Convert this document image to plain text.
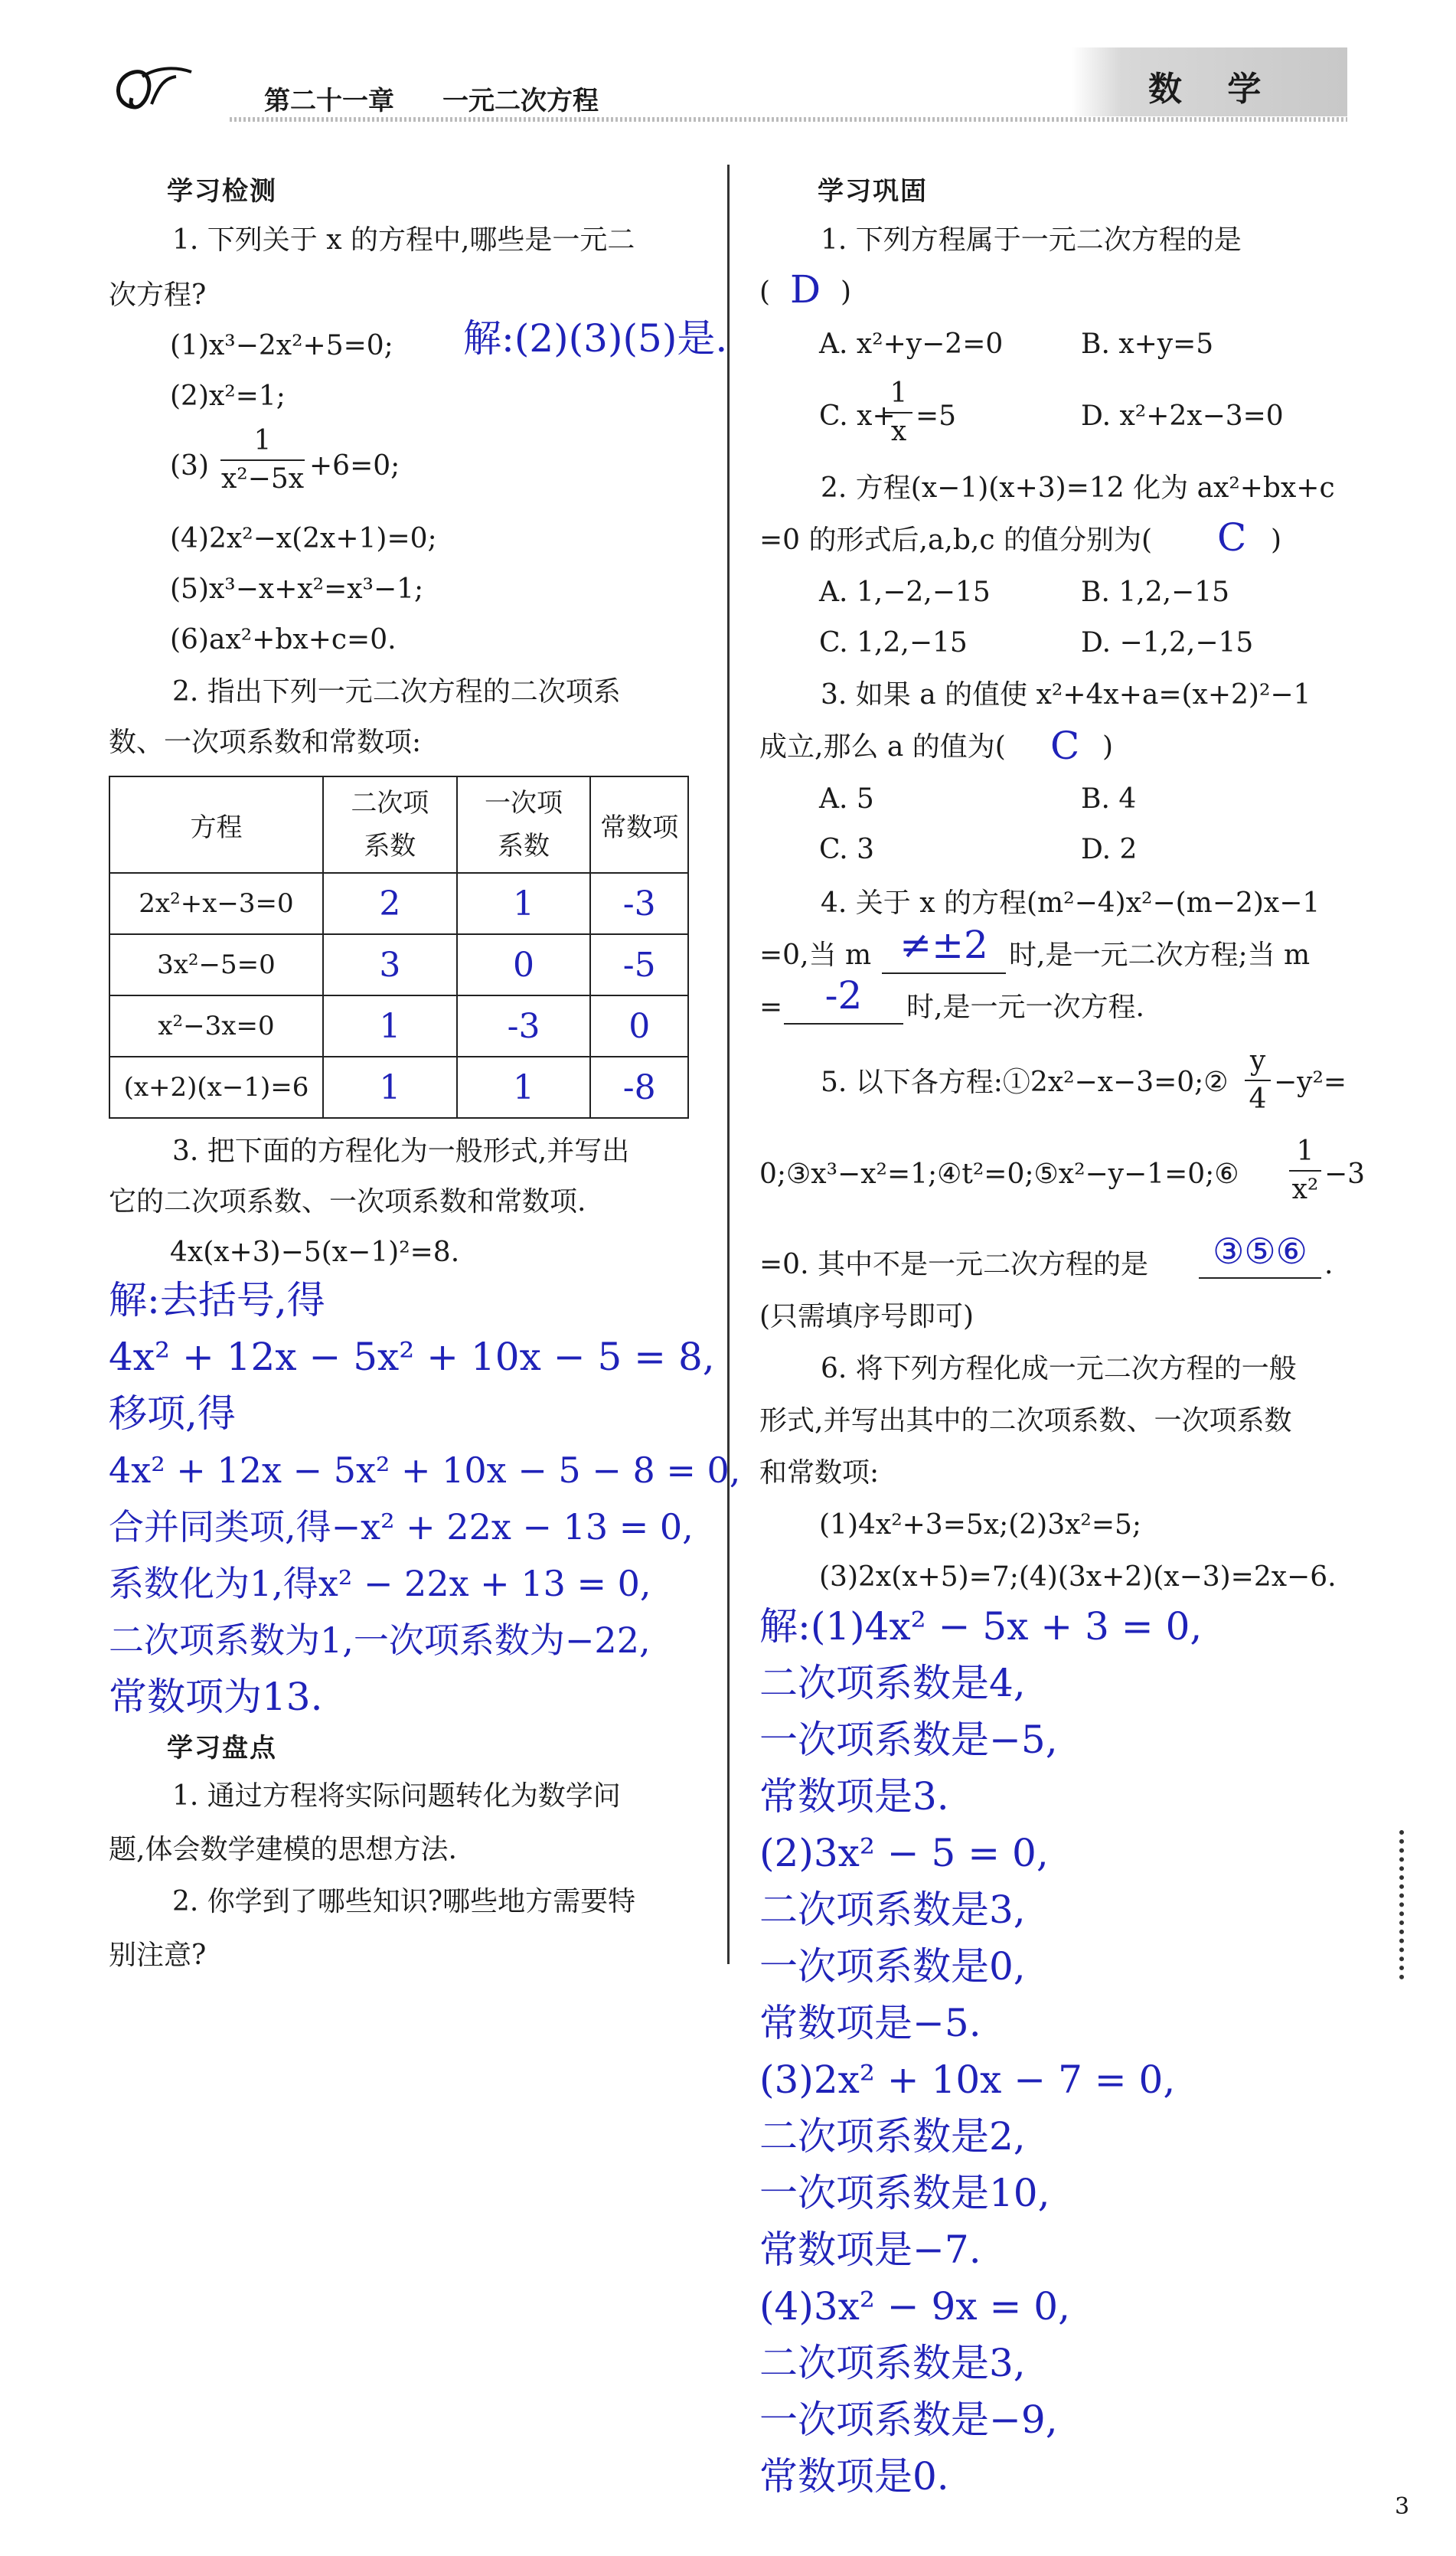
第二十一章 一元二次方程	数 学
学习检测
1. 下列关于 x 的方程中,哪些是一元二
次方程?
(1)x³−2x²+5=0; 解:(2)(3)(5)是.
(2)x²=1;
(3)
1
x²−5x +6=0;
(4)2x²−x(2x+1)=0;
(5)x³−x+x²=x³−1;
(6)ax²+bx+c=0.
2. 指出下列一元二次方程的二次项系
数、一次项系数和常数项:
方程	二次项系数	一次项系数	常数项
2x²+x−3=0	2	1	-3
3x²−5=0	3	0	-5
x²−3x=0	1	-3	0
(x+2)(x−1)=6	1	1	-8
3. 把下面的方程化为一般形式,并写出
它的二次项系数、一次项系数和常数项.
4x(x+3)−5(x−1)²=8.
解:去括号,得
4x² + 12x − 5x² + 10x − 5 = 8,
移项,得
4x² + 12x − 5x² + 10x − 5 − 8 = 0,
合并同类项,得−x² + 22x − 13 = 0,
系数化为1,得x² − 22x + 13 = 0,
二次项系数为1,一次项系数为−22,
常数项为13.
学习盘点
1. 通过方程将实际问题转化为数学问
题,体会数学建模的思想方法.
2. 你学到了哪些知识?哪些地方需要特
别注意?
学习巩固
1. 下列方程属于一元二次方程的是
( D )
A. x²+y−2=0	B. x+y=5
C. x+
1
x =5	D. x²+2x−3=0
2. 方程(x−1)(x+3)=12 化为 ax²+bx+c
=0 的形式后,a,b,c 的值分别为( C )
A. 1,−2,−15	B. 1,2,−15
C. 1,2,−15	D. −1,2,−15
3. 如果 a 的值使 x²+4x+a=(x+2)²−1
成立,那么 a 的值为( C )
A. 5	B. 4
C. 3	D. 2
4. 关于 x 的方程(m²−4)x²−(m−2)x−1
=0,当 m ≠±2 时,是一元二次方程;当 m
=	-2	时,是一元一次方程.
5. 以下各方程:①2x²−x−3=0;②
y
4
−y²=
0;③x³−x²=1;④t²=0;⑤x²−y−1=0;⑥
1
x² −3
=0. 其中不是一元二次方程的是	③⑤⑥ .
(只需填序号即可)
6. 将下列方程化成一元二次方程的一般
形式,并写出其中的二次项系数、一次项系数
和常数项:
(1)4x²+3=5x;(2)3x²=5;
(3)2x(x+5)=7;(4)(3x+2)(x−3)=2x−6.
解:(1)4x² − 5x + 3 = 0,
二次项系数是4,
一次项系数是−5,
常数项是3.
(2)3x² − 5 = 0,
二次项系数是3,
一次项系数是0,
常数项是−5.
(3)2x² + 10x − 7 = 0,
二次项系数是2,
一次项系数是10,
常数项是−7.
(4)3x² − 9x = 0,
二次项系数是3,
一次项系数是−9,
常数项是0.
3
